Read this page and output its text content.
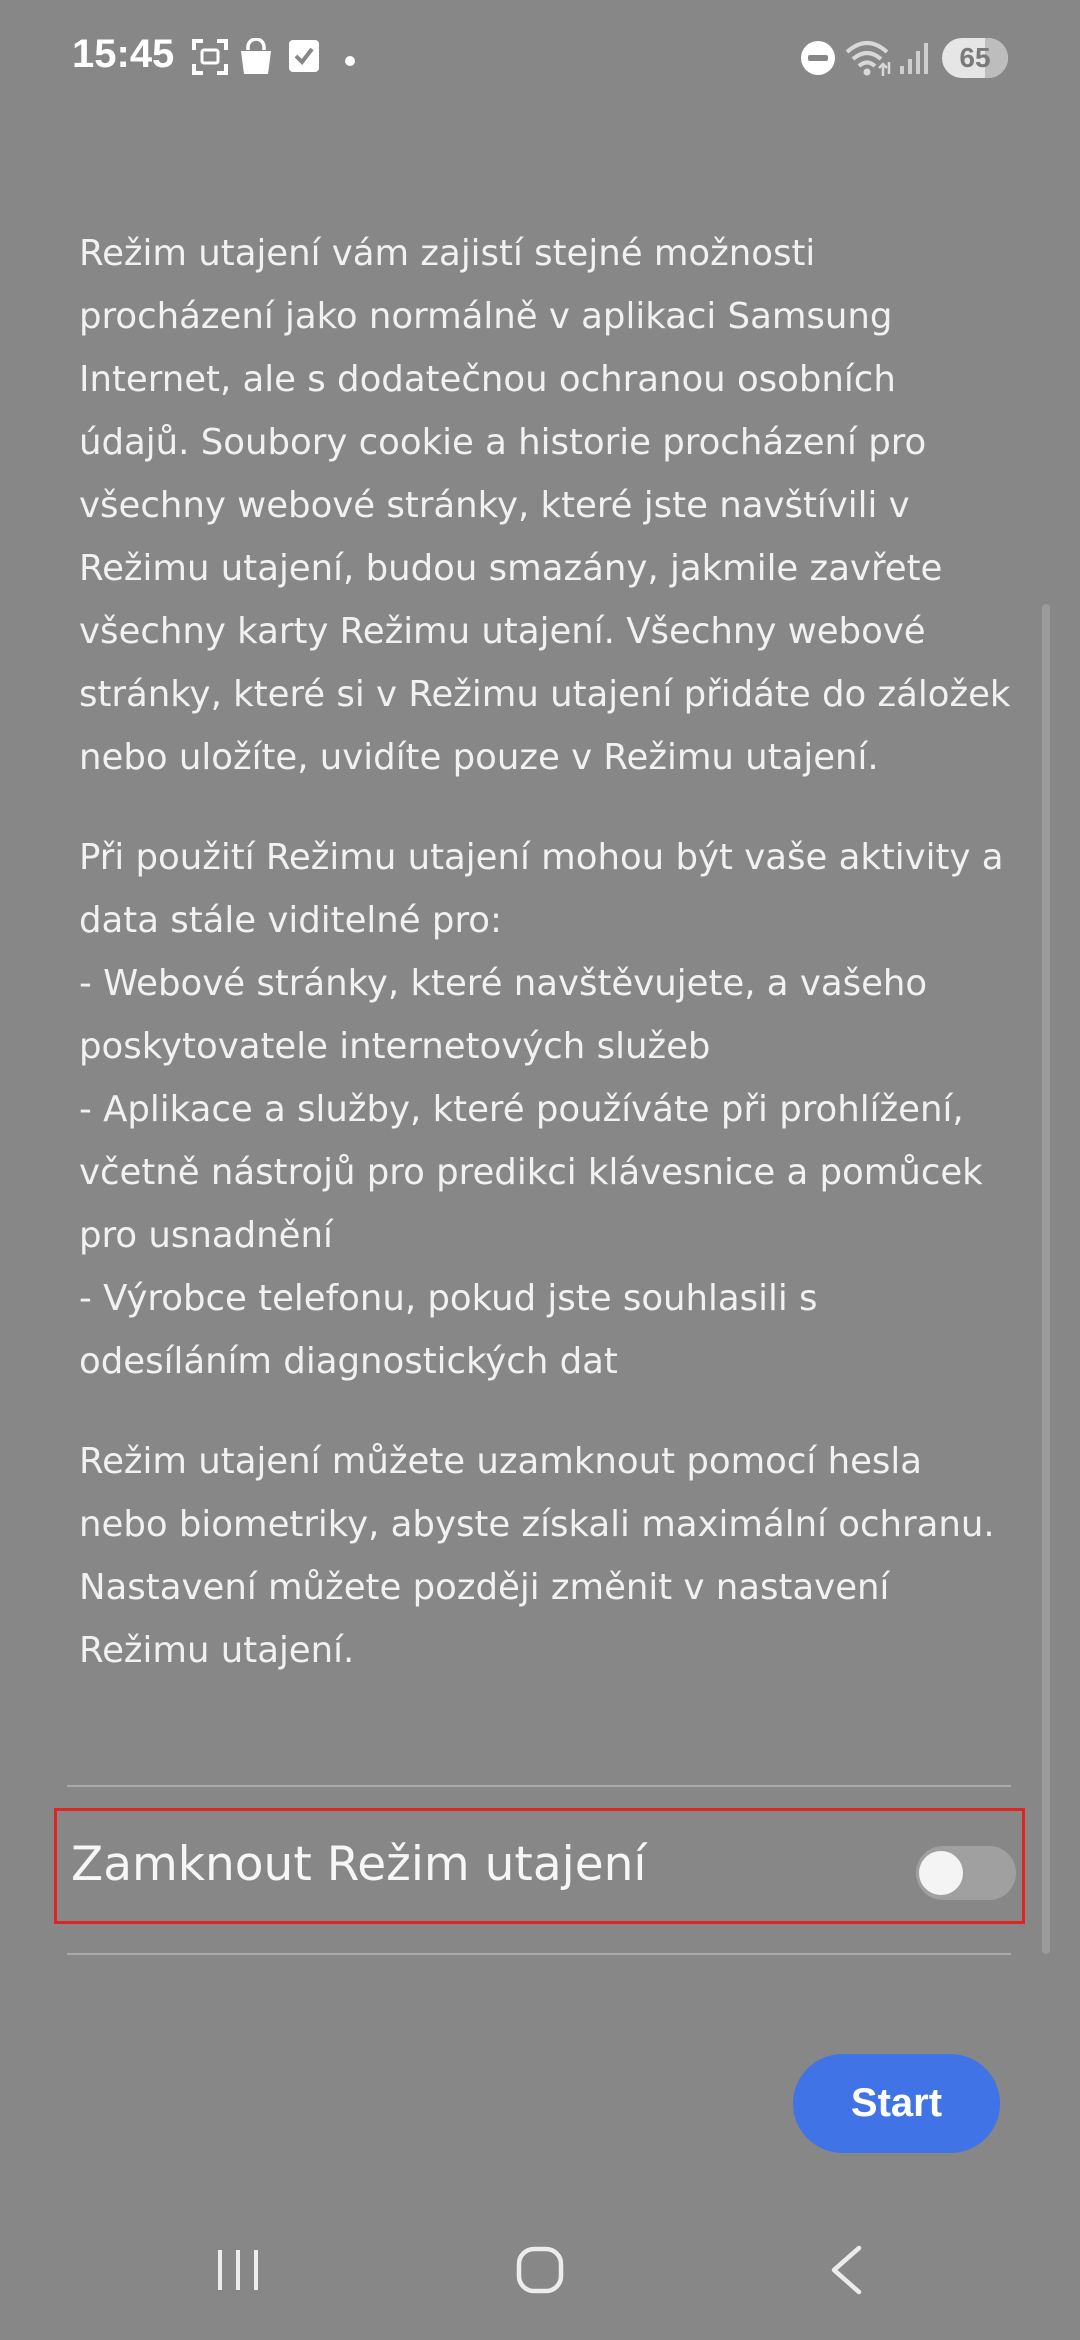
15:45	65

Režim utajení vám zajistí stejné možnosti procházení jako normálně v aplikaci Samsung Internet, ale s dodatečnou ochranou osobních údajů. Soubory cookie a historie procházení pro všechny webové stránky, které jste navštívili v Režimu utajení, budou smazány, jakmile zavřete všechny karty Režimu utajení. Všechny webové stránky, které si v Režimu utajení přidáte do záložek nebo uložíte, uvidíte pouze v Režimu utajení.

Při použití Režimu utajení mohou být vaše aktivity a data stále viditelné pro:
- Webové stránky, které navštěvujete, a vašeho poskytovatele internetových služeb
- Aplikace a služby, které používáte při prohlížení, včetně nástrojů pro predikci klávesnice a pomůcek pro usnadnění
- Výrobce telefonu, pokud jste souhlasili s odesíláním diagnostických dat

Režim utajení můžete uzamknout pomocí hesla nebo biometriky, abyste získali maximální ochranu. Nastavení můžete později změnit v nastavení Režimu utajení.

Zamknout Režim utajení
Start
